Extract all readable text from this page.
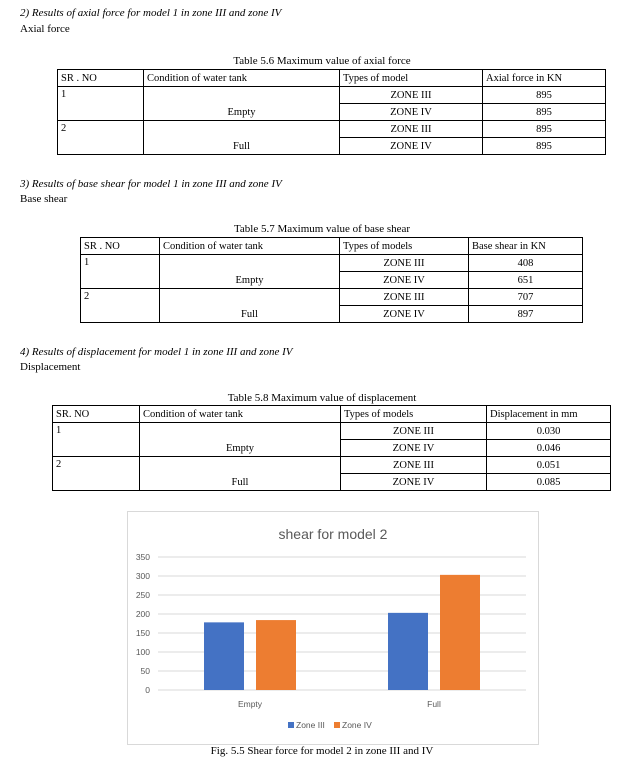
2) Results of axial force for model 1 in zone III and zone IV
Axial force
Table 5.6 Maximum value of axial force
SR . NO	Condition of water tank	Types of model	Axial force in KN
1	Empty	ZONE III	895
		ZONE IV	895
2	Full	ZONE III	895
		ZONE IV	895
3) Results of base shear for model 1 in zone III and zone IV
Base shear
Table 5.7 Maximum value of base shear
SR . NO	Condition of water tank	Types of models	Base shear in KN
1	Empty	ZONE III	408
		ZONE IV	651
2	Full	ZONE III	707
		ZONE IV	897
4) Results of displacement for model 1 in zone III and zone IV
Displacement
Table 5.8 Maximum value of displacement
SR. NO	Condition of water tank	Types of models	Displacement in mm
1	Empty	ZONE III	0.030
		ZONE IV	0.046
2	Full	ZONE III	0.051
		ZONE IV	0.085
shear for model 2
0
50
100
150
200
250
300
350
Empty	Full
Zone III Zone IV
Fig. 5.5 Shear force for model 2 in zone III and IV
